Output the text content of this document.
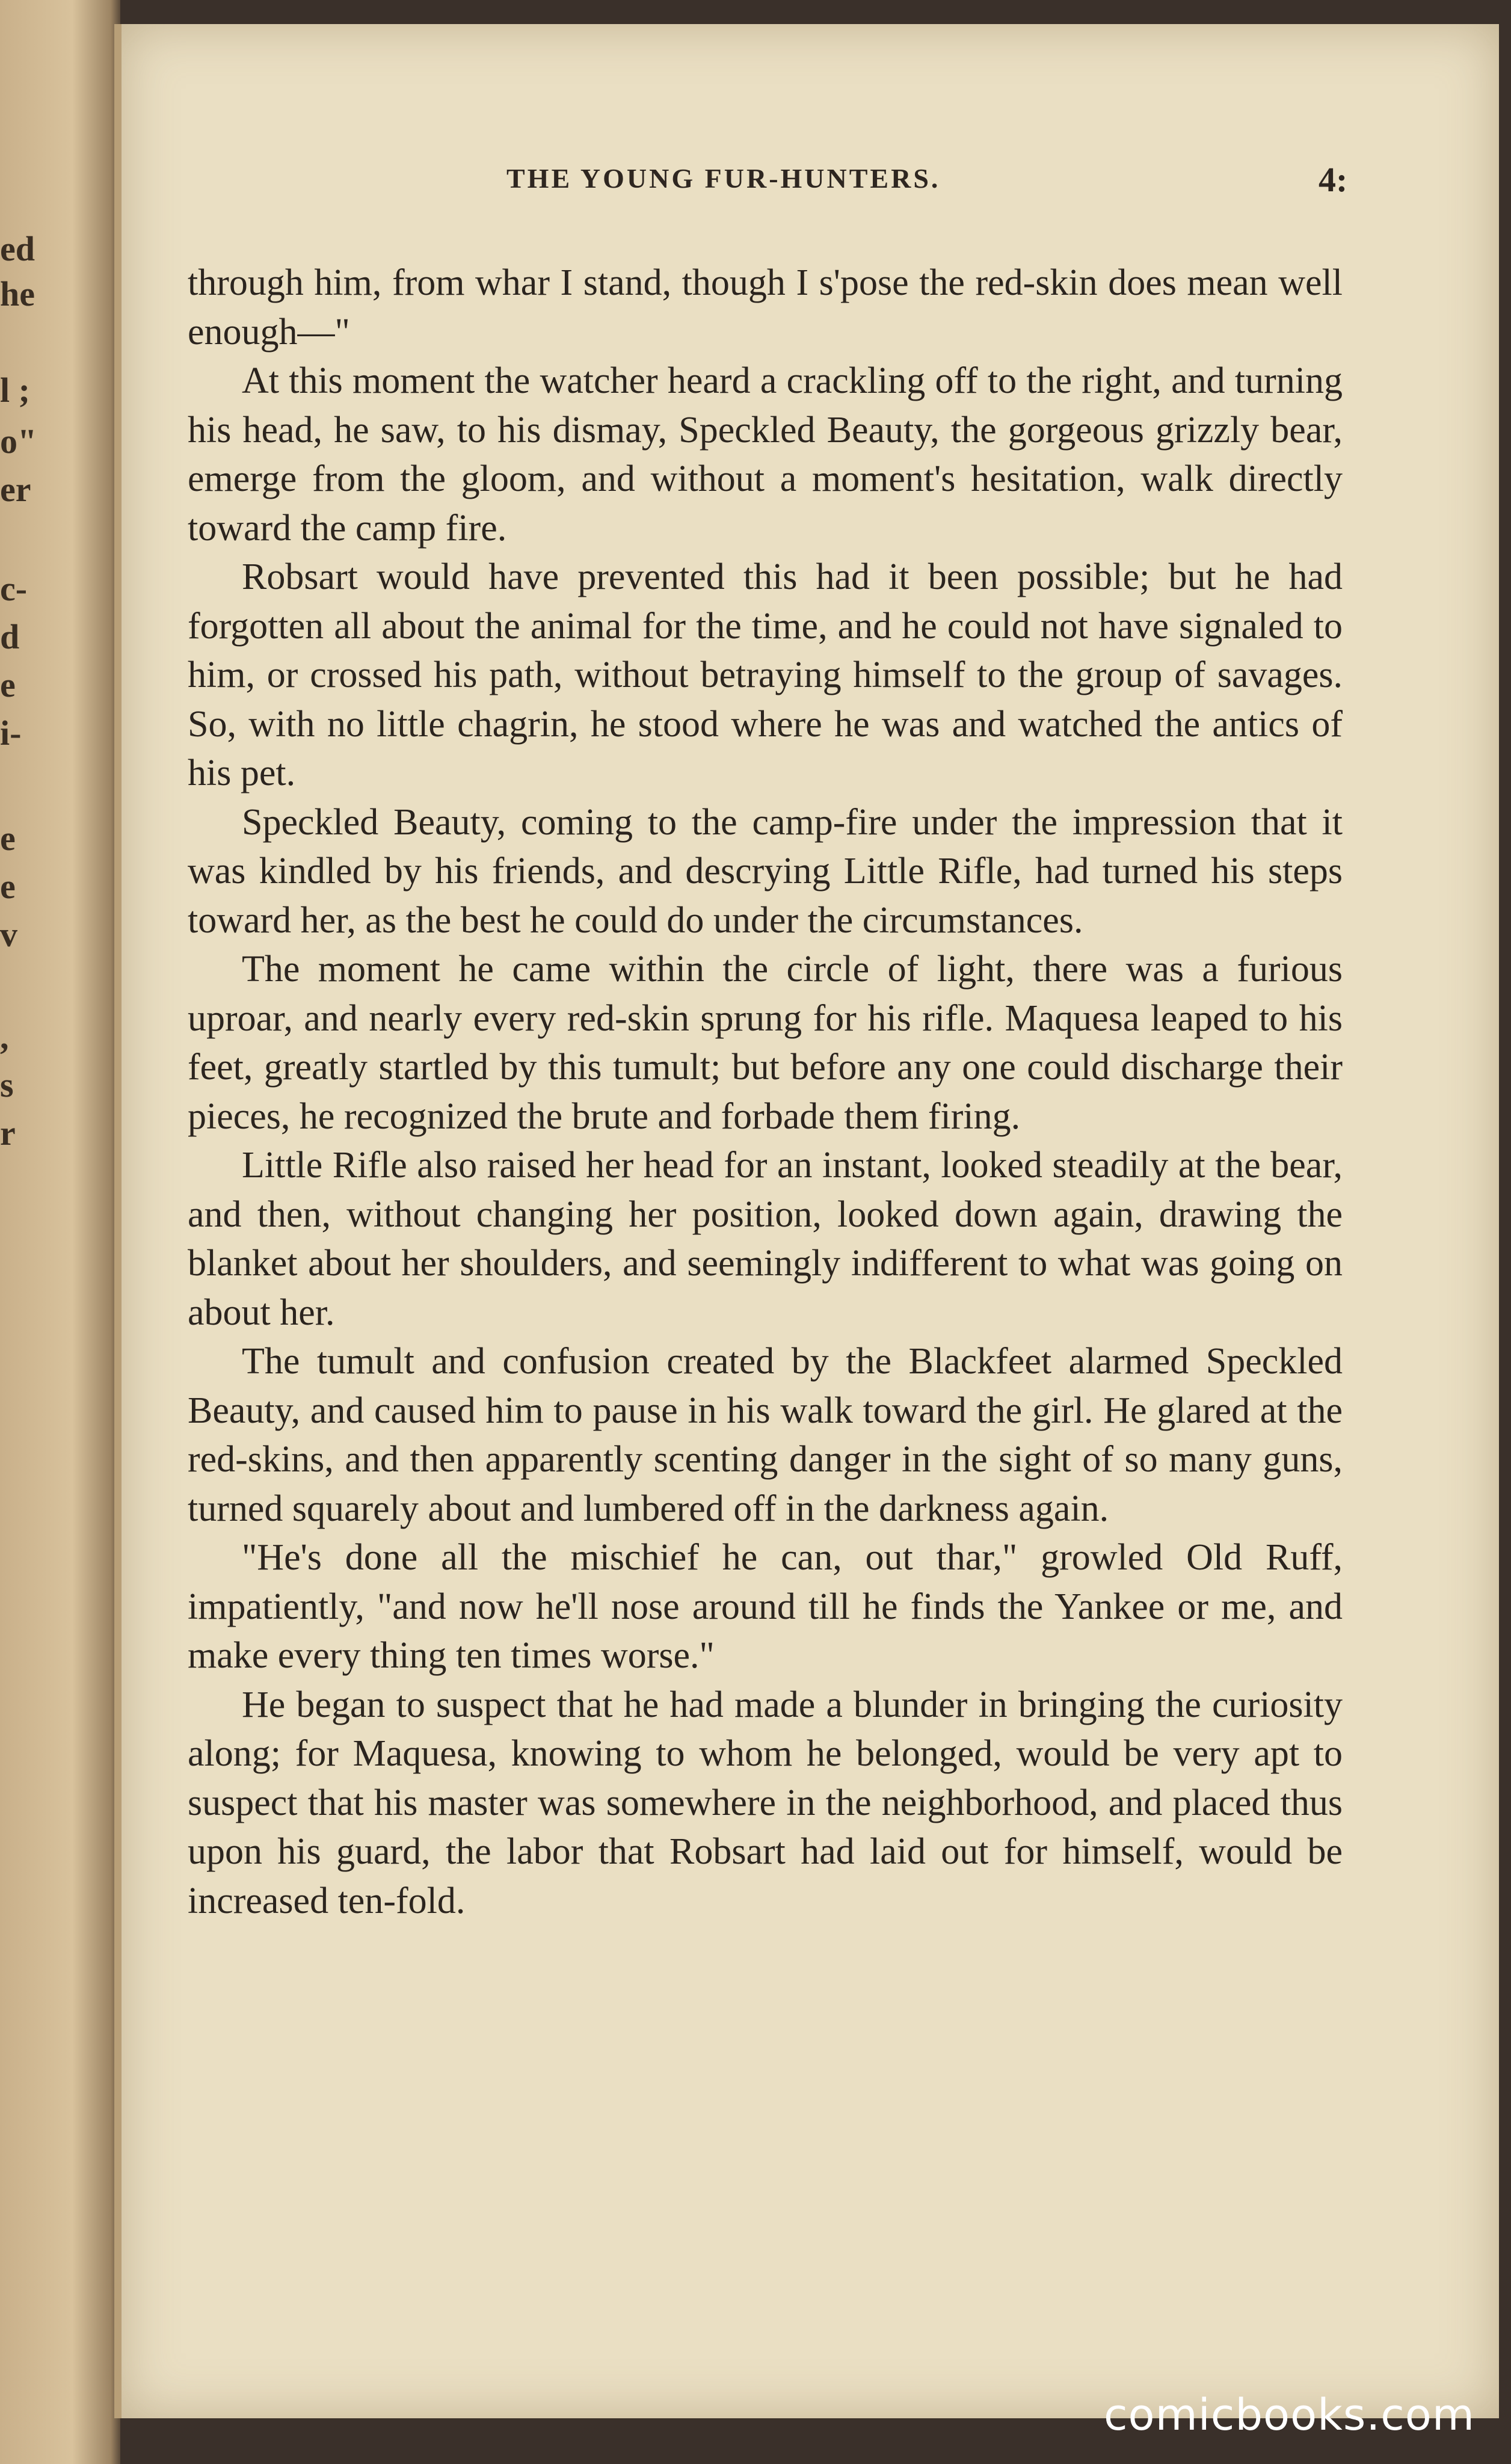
ed
he
l ;
o"
er
c-
d
e
i-
e
e
v
,
s
r
THE YOUNG FUR-HUNTERS.	4:

through him, from whar I stand, though I s'pose the red-skin does mean well enough—"

At this moment the watcher heard a crackling off to the right, and turning his head, he saw, to his dismay, Speckled Beauty, the gorgeous grizzly bear, emerge from the gloom, and without a moment's hesitation, walk directly toward the camp fire.

Robsart would have prevented this had it been possible; but he had forgotten all about the animal for the time, and he could not have signaled to him, or crossed his path, without betraying himself to the group of savages. So, with no little chagrin, he stood where he was and watched the antics of his pet.

Speckled Beauty, coming to the camp-fire under the impression that it was kindled by his friends, and descrying Little Rifle, had turned his steps toward her, as the best he could do under the circumstances.

The moment he came within the circle of light, there was a furious uproar, and nearly every red-skin sprung for his rifle. Maquesa leaped to his feet, greatly startled by this tumult; but before any one could discharge their pieces, he recognized the brute and forbade them firing.

Little Rifle also raised her head for an instant, looked steadily at the bear, and then, without changing her position, looked down again, drawing the blanket about her shoulders, and seemingly indifferent to what was going on about her.

The tumult and confusion created by the Blackfeet alarmed Speckled Beauty, and caused him to pause in his walk toward the girl. He glared at the red-skins, and then apparently scenting danger in the sight of so many guns, turned squarely about and lumbered off in the darkness again.

"He's done all the mischief he can, out thar," growled Old Ruff, impatiently, "and now he'll nose around till he finds the Yankee or me, and make every thing ten times worse."

He began to suspect that he had made a blunder in bringing the curiosity along; for Maquesa, knowing to whom he belonged, would be very apt to suspect that his master was somewhere in the neighborhood, and placed thus upon his guard, the labor that Robsart had laid out for himself, would be increased ten-fold.

comicbooks.com
